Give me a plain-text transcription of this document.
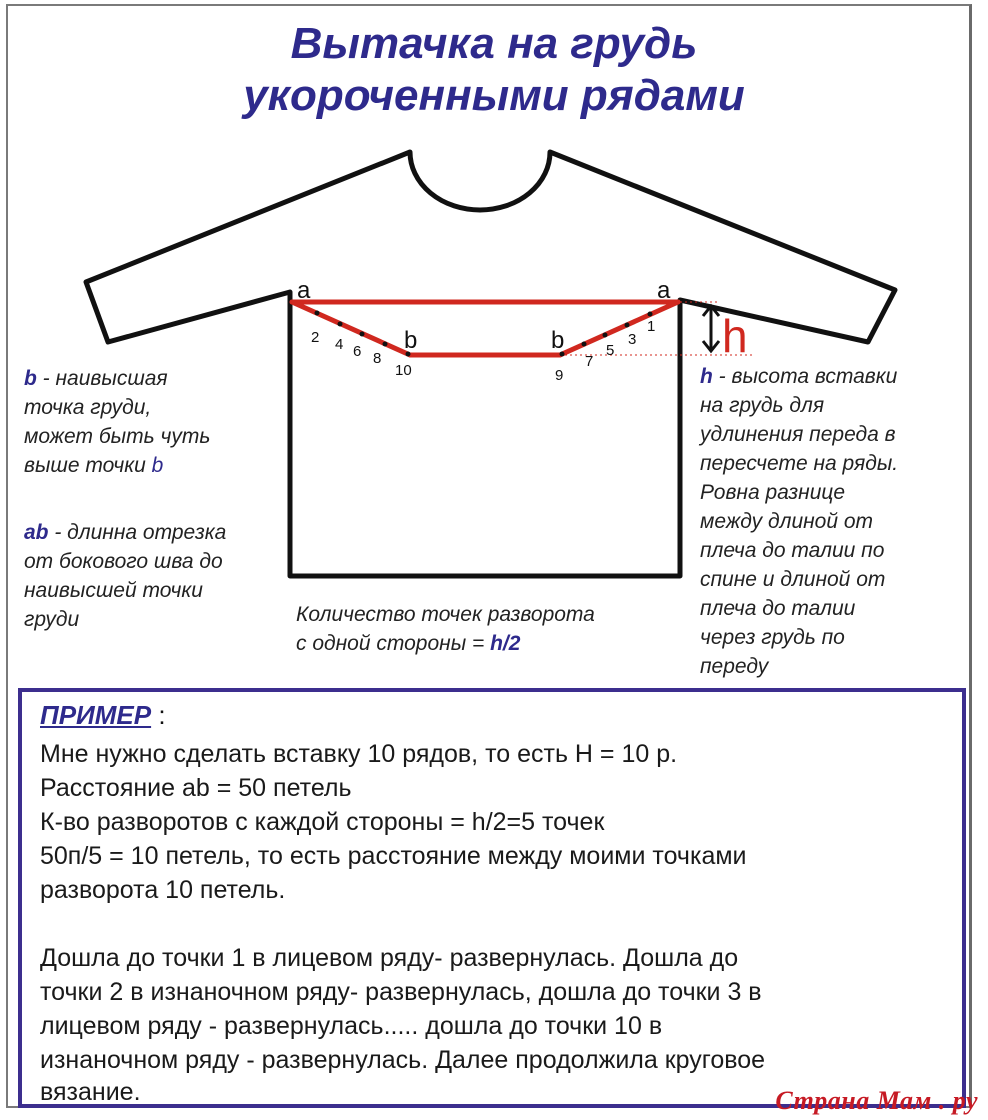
Вытачка на грудь
укороченными рядами
a	a
b	b	h
2 4 6 8
10
1
3
5
7
9
b - наивысшая
точка груди,
может быть чуть
выше точки b
ab - длинна отрезка
от бокового шва до
наивысшей точки
груди
h - высота вставки
на грудь для
удлинения переда в
пересчете на ряды.
Ровна разнице
между длиной от
плеча до талии по
спине и длиной от
плеча до талии
через грудь по
переду
Количество точек разворота
с одной стороны = h/2
ПРИМЕР :
Мне нужно сделать вставку 10 рядов, то есть Н = 10 р.
Расстояние ab = 50 петель
К-во разворотов с каждой стороны = h/2=5 точек
50п/5 = 10 петель, то есть расстояние между моими точками
разворота 10 петель.
Дошла до точки 1 в лицевом ряду- развернулась. Дошла до
точки 2 в изнаночном ряду- развернулась, дошла до точки 3 в
лицевом ряду - развернулась..... дошла до точки 10 в
изнаночном ряду - развернулась. Далее продолжила круговое
вязание.	Страна Мам . ру
